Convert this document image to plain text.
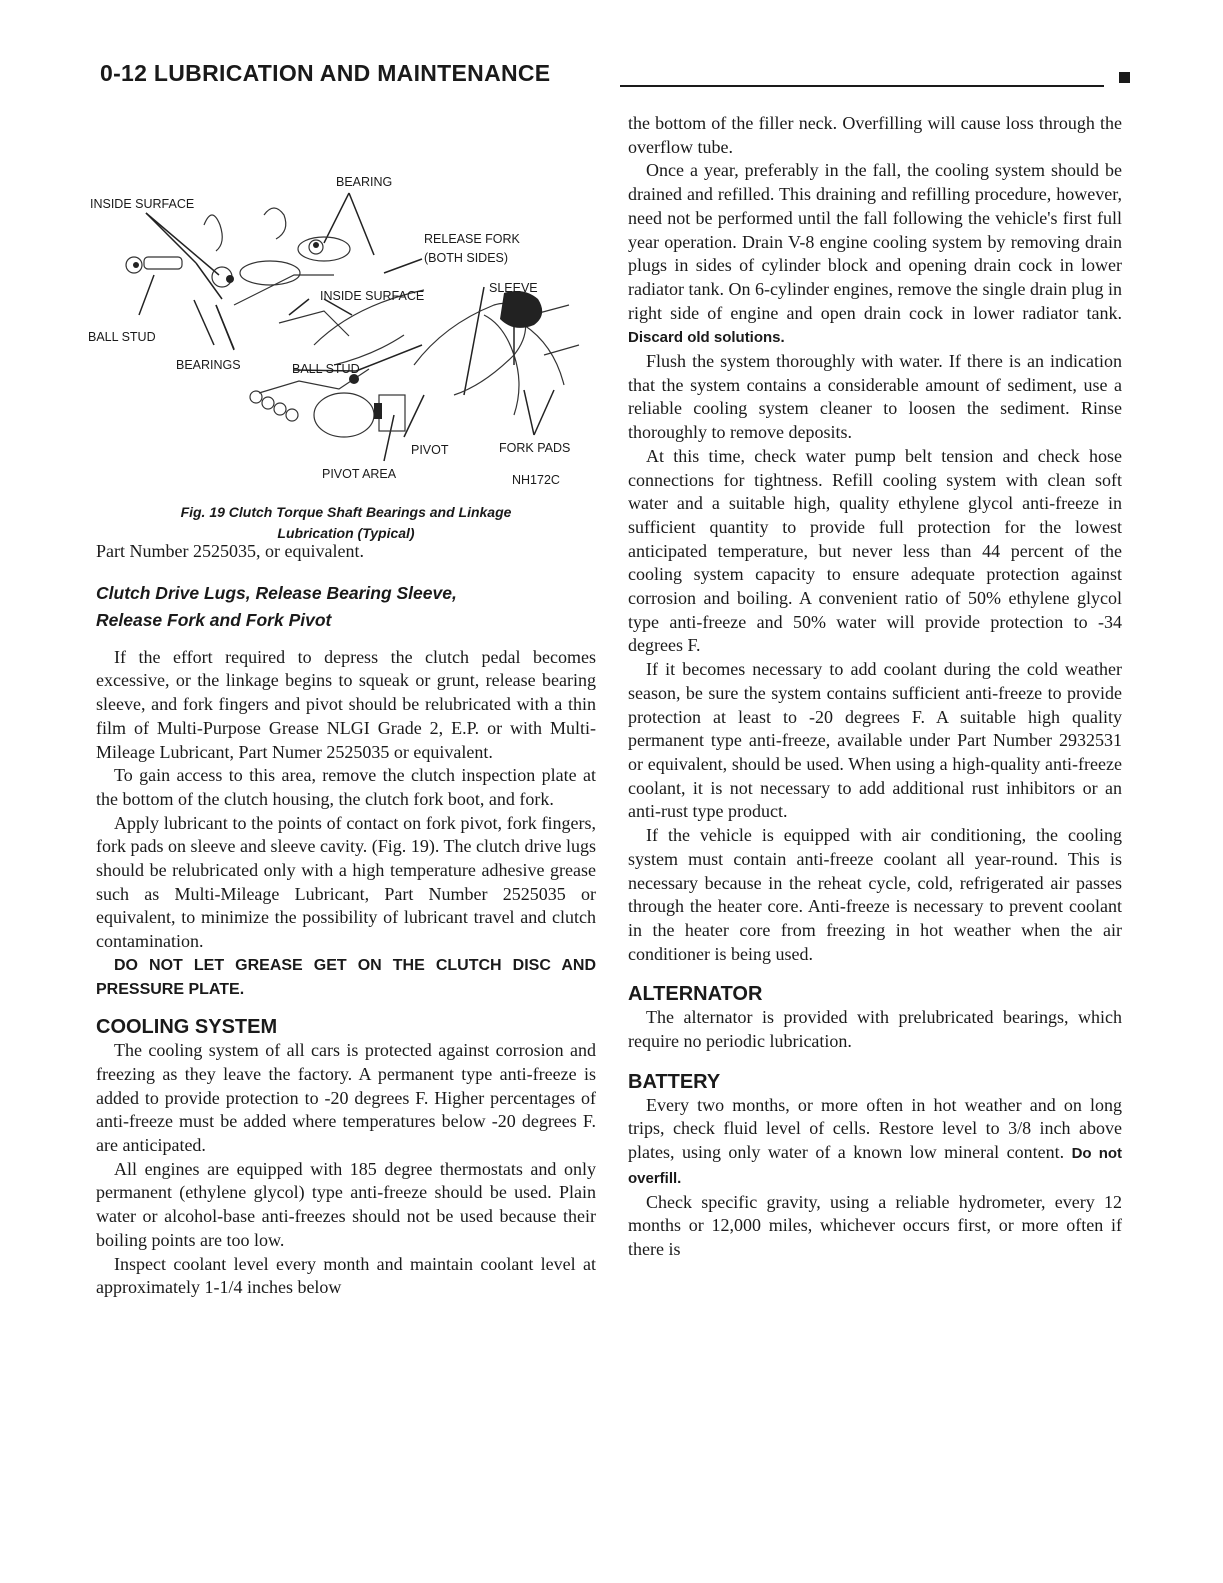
0-12 LUBRICATION AND MAINTENANCE
BEARING
INSIDE SURFACE
RELEASE FORK
(BOTH SIDES)
SLEEVE
INSIDE SURFACE
BALL STUD
BEARINGS	BALL STUD
PIVOT	FORK PADS
PIVOT AREA	NH172C
Fig. 19 Clutch Torque Shaft Bearings and Linkage
Lubrication (Typical)

Part Number 2525035, or equivalent.

Clutch Drive Lugs, Release Bearing Sleeve,
Release Fork and Fork Pivot

If the effort required to depress the clutch pedal becomes excessive, or the linkage begins to squeak or grunt, release bearing sleeve, and fork fingers and pivot should be relubricated with a thin film of Multi-Purpose Grease NLGI Grade 2, E.P. or with Multi-Mileage Lubricant, Part Numer 2525035 or equivalent.

To gain access to this area, remove the clutch inspection plate at the bottom of the clutch housing, the clutch fork boot, and fork.

Apply lubricant to the points of contact on fork pivot, fork fingers, fork pads on sleeve and sleeve cavity. (Fig. 19). The clutch drive lugs should be relubricated only with a high temperature adhesive grease such as Multi-Mileage Lubricant, Part Number 2525035 or equivalent, to minimize the possibility of lubricant travel and clutch contamination.

DO NOT LET GREASE GET ON THE CLUTCH DISC AND PRESSURE PLATE.

COOLING SYSTEM

The cooling system of all cars is protected against corrosion and freezing as they leave the factory. A permanent type anti-freeze is added to provide protection to -20 degrees F. Higher percentages of anti-freeze must be added where temperatures below -20 degrees F. are anticipated.

All engines are equipped with 185 degree thermostats and only permanent (ethylene glycol) type anti-freeze should be used. Plain water or alcohol-base anti-freezes should not be used because their boiling points are too low.

Inspect coolant level every month and maintain coolant level at approximately 1-1/4 inches below

the bottom of the filler neck. Overfilling will cause loss through the overflow tube.

Once a year, preferably in the fall, the cooling system should be drained and refilled. This draining and refilling procedure, however, need not be performed until the fall following the vehicle's first full year operation. Drain V-8 engine cooling system by removing drain plugs in sides of cylinder block and opening drain cock in lower radiator tank. On 6-cylinder engines, remove the single drain plug in right side of engine and open drain cock in lower radiator tank. Discard old solutions.

Flush the system thoroughly with water. If there is an indication that the system contains a considerable amount of sediment, use a reliable cooling system cleaner to loosen the sediment. Rinse thoroughly to remove deposits.

At this time, check water pump belt tension and check hose connections for tightness. Refill cooling system with clean soft water and a suitable high, quality ethylene glycol anti-freeze in sufficient quantity to provide full protection for the lowest anticipated temperature, but never less than 44 percent of the cooling system capacity to ensure adequate protection against corrosion and boiling. A convenient ratio of 50% ethylene glycol type anti-freeze and 50% water will provide protection to -34 degrees F.

If it becomes necessary to add coolant during the cold weather season, be sure the system contains sufficient anti-freeze to provide protection at least to -20 degrees F. A suitable high quality permanent type anti-freeze, available under Part Number 2932531 or equivalent, should be used. When using a high-quality anti-freeze coolant, it is not necessary to add additional rust inhibitors or an anti-rust type product.

If the vehicle is equipped with air conditioning, the cooling system must contain anti-freeze coolant all year-round. This is necessary because in the reheat cycle, cold, refrigerated air passes through the heater core. Anti-freeze is necessary to prevent coolant in the heater core from freezing in hot weather when the air conditioner is being used.

ALTERNATOR

The alternator is provided with prelubricated bearings, which require no periodic lubrication.

BATTERY

Every two months, or more often in hot weather and on long trips, check fluid level of cells. Restore level to 3/8 inch above plates, using only water of a known low mineral content. Do not overfill.

Check specific gravity, using a reliable hydrometer, every 12 months or 12,000 miles, whichever occurs first, or more often if there is
